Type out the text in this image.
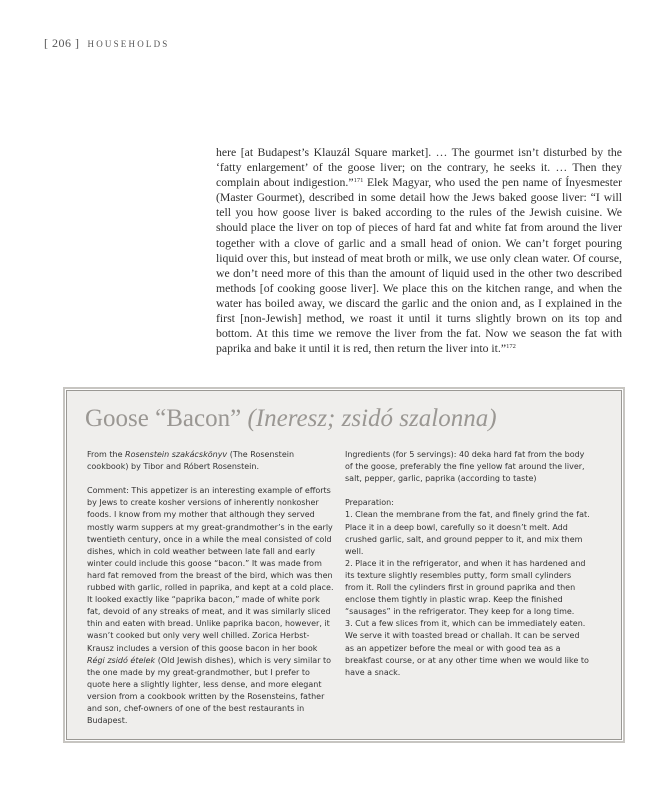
[ 206 ] HOUSEHOLDS

here [at Budapest’s Klauzál Square market]. … The gourmet isn’t disturbed by the ‘fatty enlargement’ of the goose liver; on the contrary, he seeks it. … Then they complain about indigestion.”$^{171}$ Elek Magyar, who used the pen name of Ínyesmester (Master Gourmet), described in some detail how the Jews baked goose liver: “I will tell you how goose liver is baked according to the rules of the Jewish cuisine. We should place the liver on top of pieces of hard fat and white fat from around the liver together with a clove of garlic and a small head of onion. We can’t forget pouring liquid over this, but instead of meat broth or milk, we use only clean water. Of course, we don’t need more of this than the amount of liquid used in the other two described methods [of cooking goose liver]. We place this on the kitchen range, and when the water has boiled away, we discard the garlic and the onion and, as I explained in the first [non-Jewish] method, we roast it until it turns slightly brown on its top and bottom. At this time we remove the liver from the fat. Now we season the fat with paprika and bake it until it is red, then return the liver into it.”$^{172}$

Goose “Bacon” (Ineresz; zsidó szalonna)

From the Rosenstein szakácskönyv (The Rosenstein cookbook) by Tibor and Róbert Rosenstein.

Comment: This appetizer is an interesting example of efforts by Jews to create kosher versions of inherently nonkosher foods. I know from my mother that although they served mostly warm suppers at my great-grandmother’s in the early twentieth century, once in a while the meal consisted of cold dishes, which in cold weather between late fall and early winter could include this goose “bacon.” It was made from hard fat removed from the breast of the bird, which was then rubbed with garlic, rolled in paprika, and kept at a cold place. It looked exactly like “paprika bacon,” made of white pork fat, devoid of any streaks of meat, and it was similarly sliced thin and eaten with bread. Unlike paprika bacon, however, it wasn’t cooked but only very well chilled. Zorica Herbst-Krausz includes a version of this goose bacon in her book Régi zsidó ételek (Old Jewish dishes), which is very similar to the one made by my great-grandmother, but I prefer to quote here a slightly lighter, less dense, and more elegant version from a cookbook written by the Rosensteins, father and son, chef-owners of one of the best restaurants in Budapest.

Ingredients (for 5 servings): 40 deka hard fat from the body of the goose, preferably the fine yellow fat around the liver, salt, pepper, garlic, paprika (according to taste)

Preparation:
1. Clean the membrane from the fat, and finely grind the fat. Place it in a deep bowl, carefully so it doesn’t melt. Add crushed garlic, salt, and ground pepper to it, and mix them well.
2. Place it in the refrigerator, and when it has hardened and its texture slightly resembles putty, form small cylinders from it. Roll the cylinders first in ground paprika and then enclose them tightly in plastic wrap. Keep the finished “sausages” in the refrigerator. They keep for a long time.
3. Cut a few slices from it, which can be immediately eaten. We serve it with toasted bread or challah. It can be served as an appetizer before the meal or with good tea as a breakfast course, or at any other time when we would like to have a snack.
